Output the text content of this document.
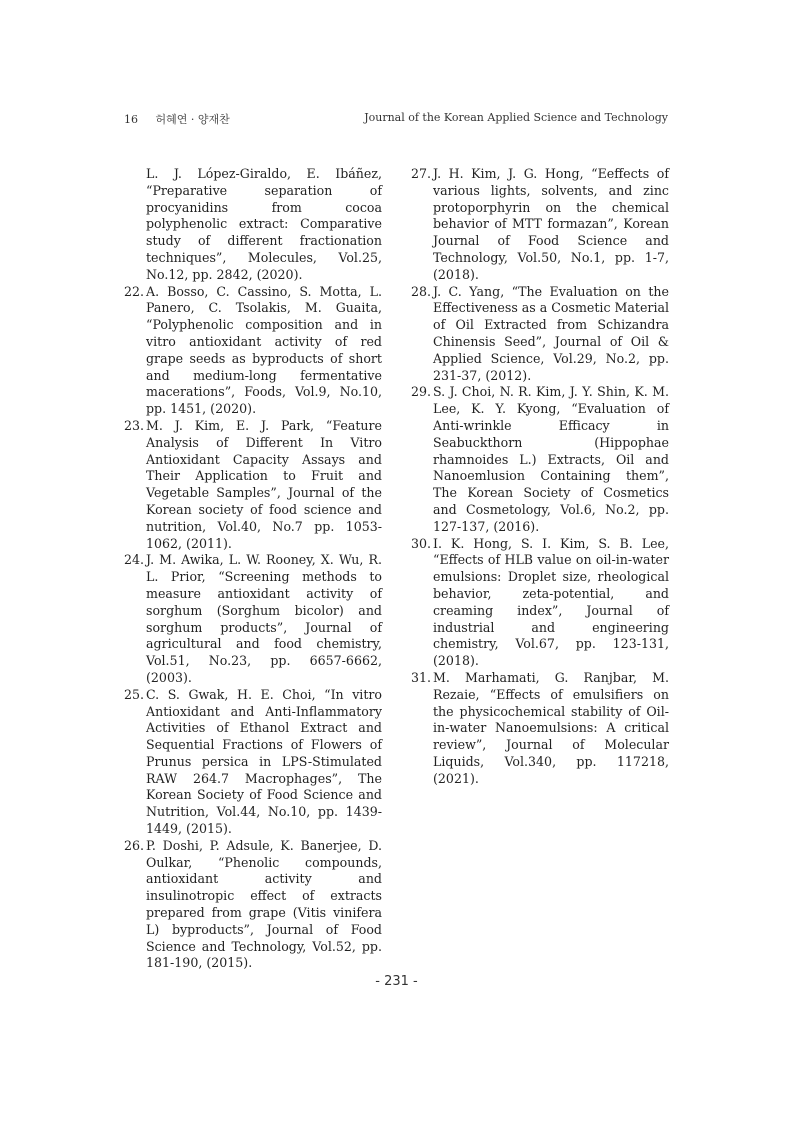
16 허혜연 · 양재찬	Journal of the Korean Applied Science and Technology
L. J. López-Giraldo, E. Ibáñez, “Preparative separation of procyanidins from cocoa polyphenolic extract: Comparative study of different fractionation techniques”, Molecules, Vol.25, No.12, pp. 2842, (2020).
22. A. Bosso, C. Cassino, S. Motta, L. Panero, C. Tsolakis, M. Guaita, “Polyphenolic composition and in vitro antioxidant activity of red grape seeds as byproducts of short and medium-long fermentative macerations”, Foods, Vol.9, No.10, pp. 1451, (2020).
23. M. J. Kim, E. J. Park, “Feature Analysis of Different In Vitro Antioxidant Capacity Assays and Their Application to Fruit and Vegetable Samples”, Journal of the Korean society of food science and nutrition, Vol.40, No.7 pp. 1053-1062, (2011).
24. J. M. Awika, L. W. Rooney, X. Wu, R. L. Prior, “Screening methods to measure antioxidant activity of sorghum (Sorghum bicolor) and sorghum products”, Journal of agricultural and food chemistry, Vol.51, No.23, pp. 6657-6662, (2003).
25. C. S. Gwak, H. E. Choi, “In vitro Antioxidant and Anti-Inflammatory Activities of Ethanol Extract and Sequential Fractions of Flowers of Prunus persica in LPS-Stimulated RAW 264.7 Macrophages”, The Korean Society of Food Science and Nutrition, Vol.44, No.10, pp. 1439-1449, (2015).
26. P. Doshi, P. Adsule, K. Banerjee, D. Oulkar, “Phenolic compounds, antioxidant activity and insulinotropic effect of extracts prepared from grape (Vitis vinifera L) byproducts”, Journal of Food Science and Technology, Vol.52, pp. 181-190, (2015).
27. J. H. Kim, J. G. Hong, “Eeffects of various lights, solvents, and zinc protoporphyrin on the chemical behavior of MTT formazan”, Korean Journal of Food Science and Technology, Vol.50, No.1, pp. 1-7, (2018).
28. J. C. Yang, “The Evaluation on the Effectiveness as a Cosmetic Material of Oil Extracted from Schizandra Chinensis Seed”, Journal of Oil & Applied Science, Vol.29, No.2, pp. 231-37, (2012).
29. S. J. Choi, N. R. Kim, J. Y. Shin, K. M. Lee, K. Y. Kyong, “Evaluation of Anti-wrinkle Efficacy in Seabuckthorn (Hippophae rhamnoides L.) Extracts, Oil and Nanoemlusion Containing them”, The Korean Society of Cosmetics and Cosmetology, Vol.6, No.2, pp. 127-137, (2016).
30. I. K. Hong, S. I. Kim, S. B. Lee, “Effects of HLB value on oil-in-water emulsions: Droplet size, rheological behavior, zeta-potential, and creaming index”, Journal of industrial and engineering chemistry, Vol.67, pp. 123-131, (2018).
31. M. Marhamati, G. Ranjbar, M. Rezaie, “Effects of emulsifiers on the physicochemical stability of Oil-in-water Nanoemulsions: A critical review”, Journal of Molecular Liquids, Vol.340, pp. 117218, (2021).
- 231 -
